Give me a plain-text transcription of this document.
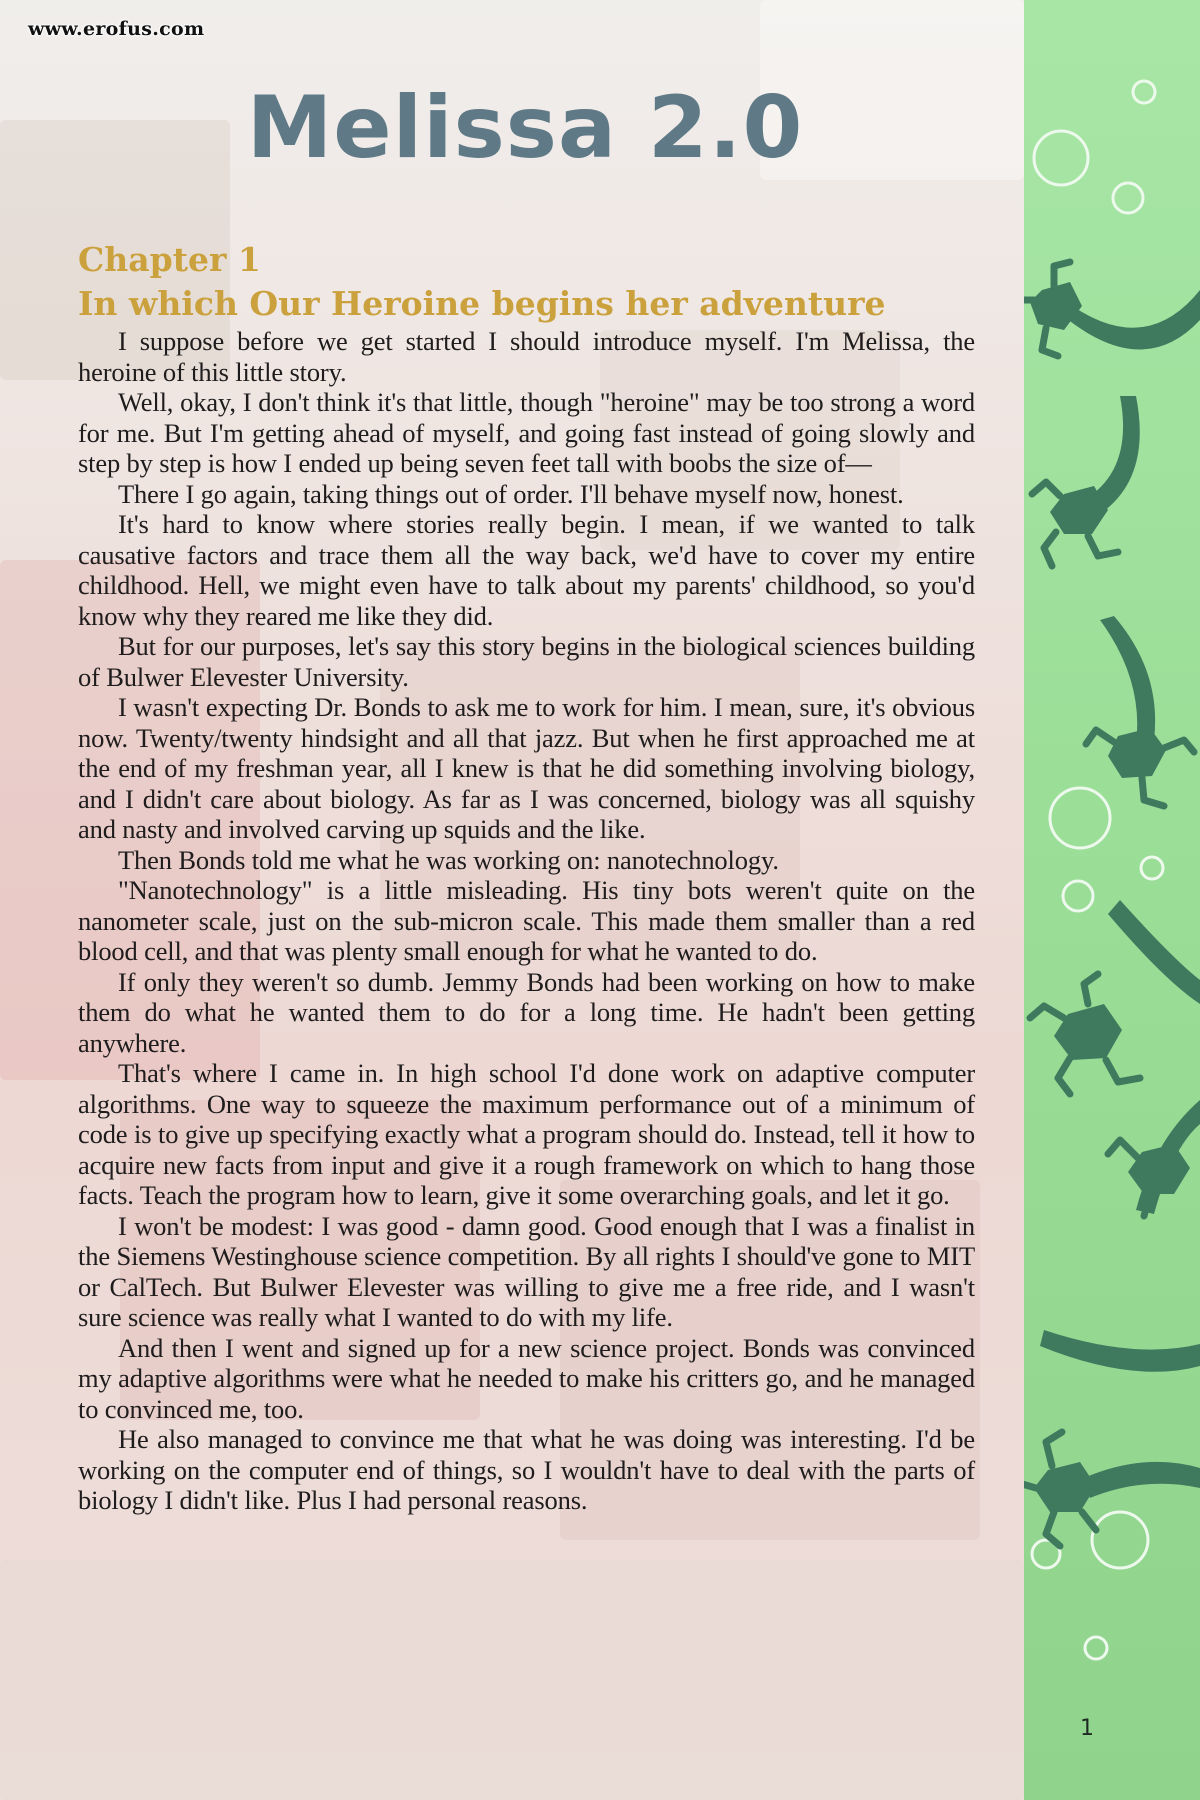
www.erofus.com
Melissa 2.0
Chapter 1
In which Our Heroine begins her adventure

I suppose before we get started I should introduce myself. I'm Melissa, the heroine of this little story.

Well, okay, I don't think it's that little, though "heroine" may be too strong a word for me. But I'm getting ahead of myself, and going fast instead of going slowly and step by step is how I ended up being seven feet tall with boobs the size of—

There I go again, taking things out of order. I'll behave myself now, honest.

It's hard to know where stories really begin. I mean, if we wanted to talk causative factors and trace them all the way back, we'd have to cover my entire childhood. Hell, we might even have to talk about my parents' childhood, so you'd know why they reared me like they did.

But for our purposes, let's say this story begins in the biological sciences building of Bulwer Elevester University.

I wasn't expecting Dr. Bonds to ask me to work for him. I mean, sure, it's obvious now. Twenty/twenty hindsight and all that jazz. But when he first approached me at the end of my freshman year, all I knew is that he did something involving biology, and I didn't care about biology. As far as I was concerned, biology was all squishy and nasty and involved carving up squids and the like.

Then Bonds told me what he was working on: nanotechnology.

"Nanotechnology" is a little misleading. His tiny bots weren't quite on the nanometer scale, just on the sub-micron scale. This made them smaller than a red blood cell, and that was plenty small enough for what he wanted to do.

If only they weren't so dumb. Jemmy Bonds had been working on how to make them do what he wanted them to do for a long time. He hadn't been getting anywhere.

That's where I came in. In high school I'd done work on adaptive computer algorithms. One way to squeeze the maximum performance out of a minimum of code is to give up specifying exactly what a program should do. Instead, tell it how to acquire new facts from input and give it a rough framework on which to hang those facts. Teach the program how to learn, give it some overarching goals, and let it go.

I won't be modest: I was good - damn good. Good enough that I was a finalist in the Siemens Westinghouse science competition. By all rights I should've gone to MIT or CalTech. But Bulwer Elevester was willing to give me a free ride, and I wasn't sure science was really what I wanted to do with my life.

And then I went and signed up for a new science project. Bonds was convinced my adaptive algorithms were what he needed to make his critters go, and he managed to convinced me, too.

He also managed to convince me that what he was doing was interesting. I'd be working on the computer end of things, so I wouldn't have to deal with the parts of biology I didn't like. Plus I had personal reasons.

1
